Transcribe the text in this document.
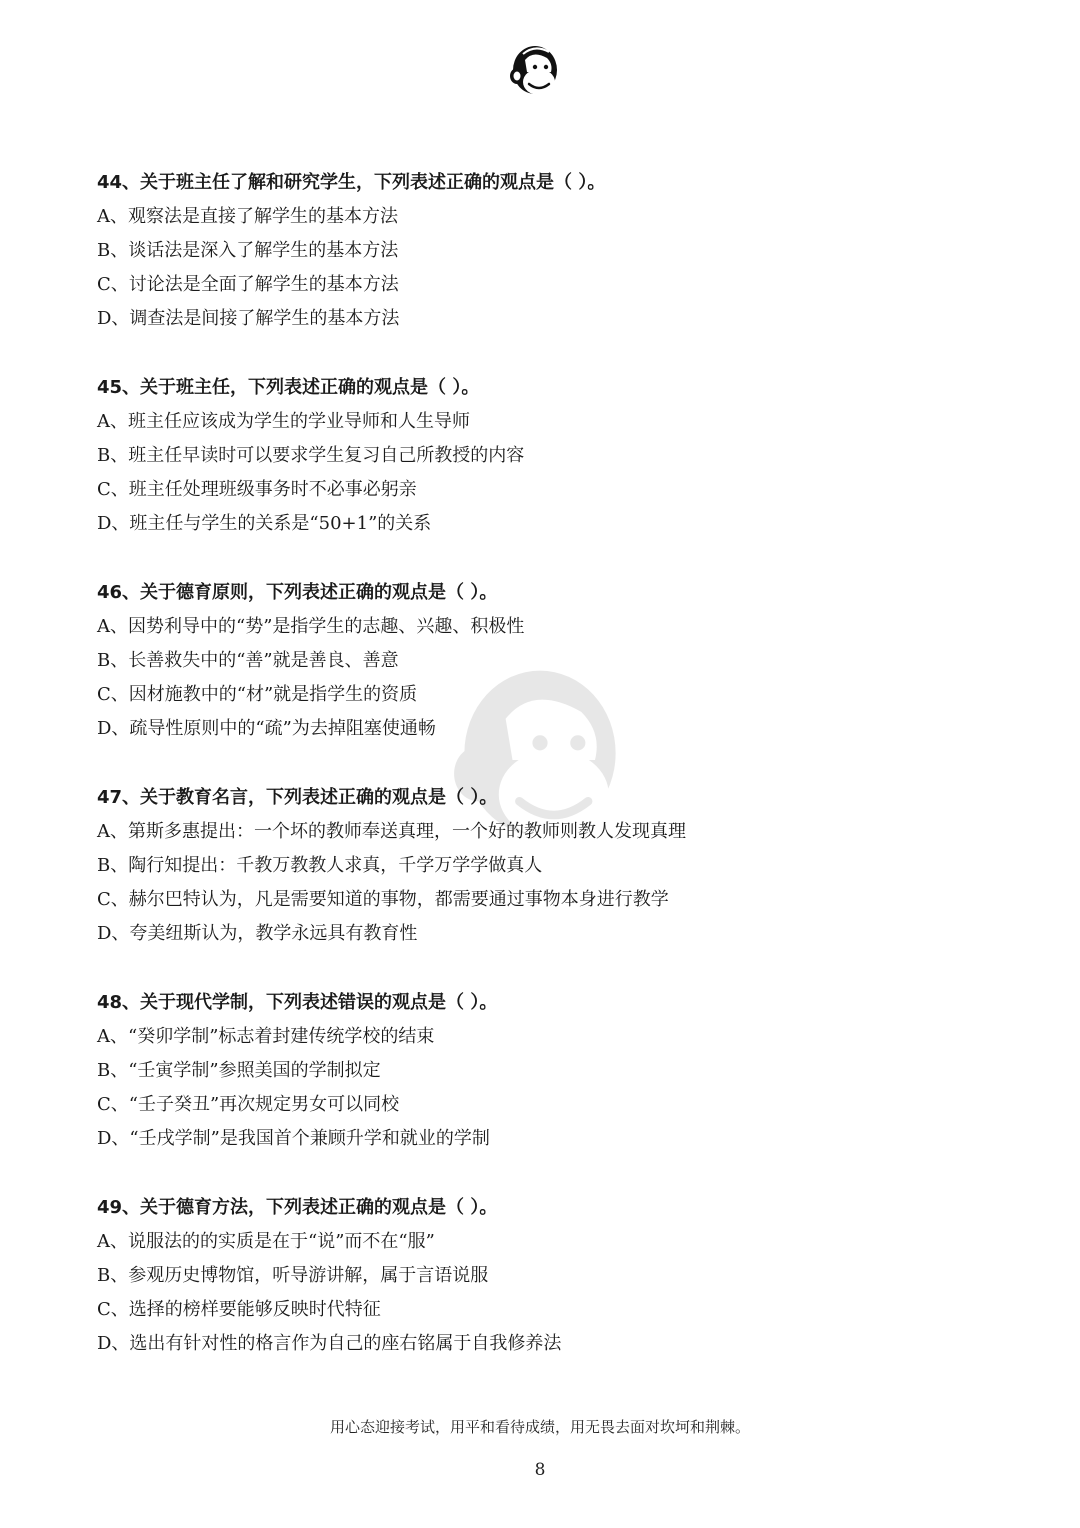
44、关于班主任了解和研究学生，下列表述正确的观点是（ ）。
A、观察法是直接了解学生的基本方法
B、谈话法是深入了解学生的基本方法
C、讨论法是全面了解学生的基本方法
D、调查法是间接了解学生的基本方法
45、关于班主任，下列表述正确的观点是（ ）。
A、班主任应该成为学生的学业导师和人生导师
B、班主任早读时可以要求学生复习自己所教授的内容
C、班主任处理班级事务时不必事必躬亲
D、班主任与学生的关系是“50+1”的关系
46、关于德育原则，下列表述正确的观点是（ ）。
A、因势利导中的“势”是指学生的志趣、兴趣、积极性
B、长善救失中的“善”就是善良、善意
C、因材施教中的“材”就是指学生的资质
D、疏导性原则中的“疏”为去掉阻塞使通畅
47、关于教育名言，下列表述正确的观点是（ ）。
A、第斯多惠提出：一个坏的教师奉送真理，一个好的教师则教人发现真理
B、陶行知提出：千教万教教人求真，千学万学学做真人
C、赫尔巴特认为，凡是需要知道的事物，都需要通过事物本身进行教学
D、夸美纽斯认为，教学永远具有教育性
48、关于现代学制，下列表述错误的观点是（ ）。
A、“癸卯学制”标志着封建传统学校的结束
B、“壬寅学制”参照美国的学制拟定
C、“壬子癸丑”再次规定男女可以同校
D、“壬戌学制”是我国首个兼顾升学和就业的学制
49、关于德育方法，下列表述正确的观点是（ ）。
A、说服法的的实质是在于“说”而不在“服”
B、参观历史博物馆，听导游讲解，属于言语说服
C、选择的榜样要能够反映时代特征
D、选出有针对性的格言作为自己的座右铭属于自我修养法
用心态迎接考试，用平和看待成绩，用无畏去面对坎坷和荆棘。
8
